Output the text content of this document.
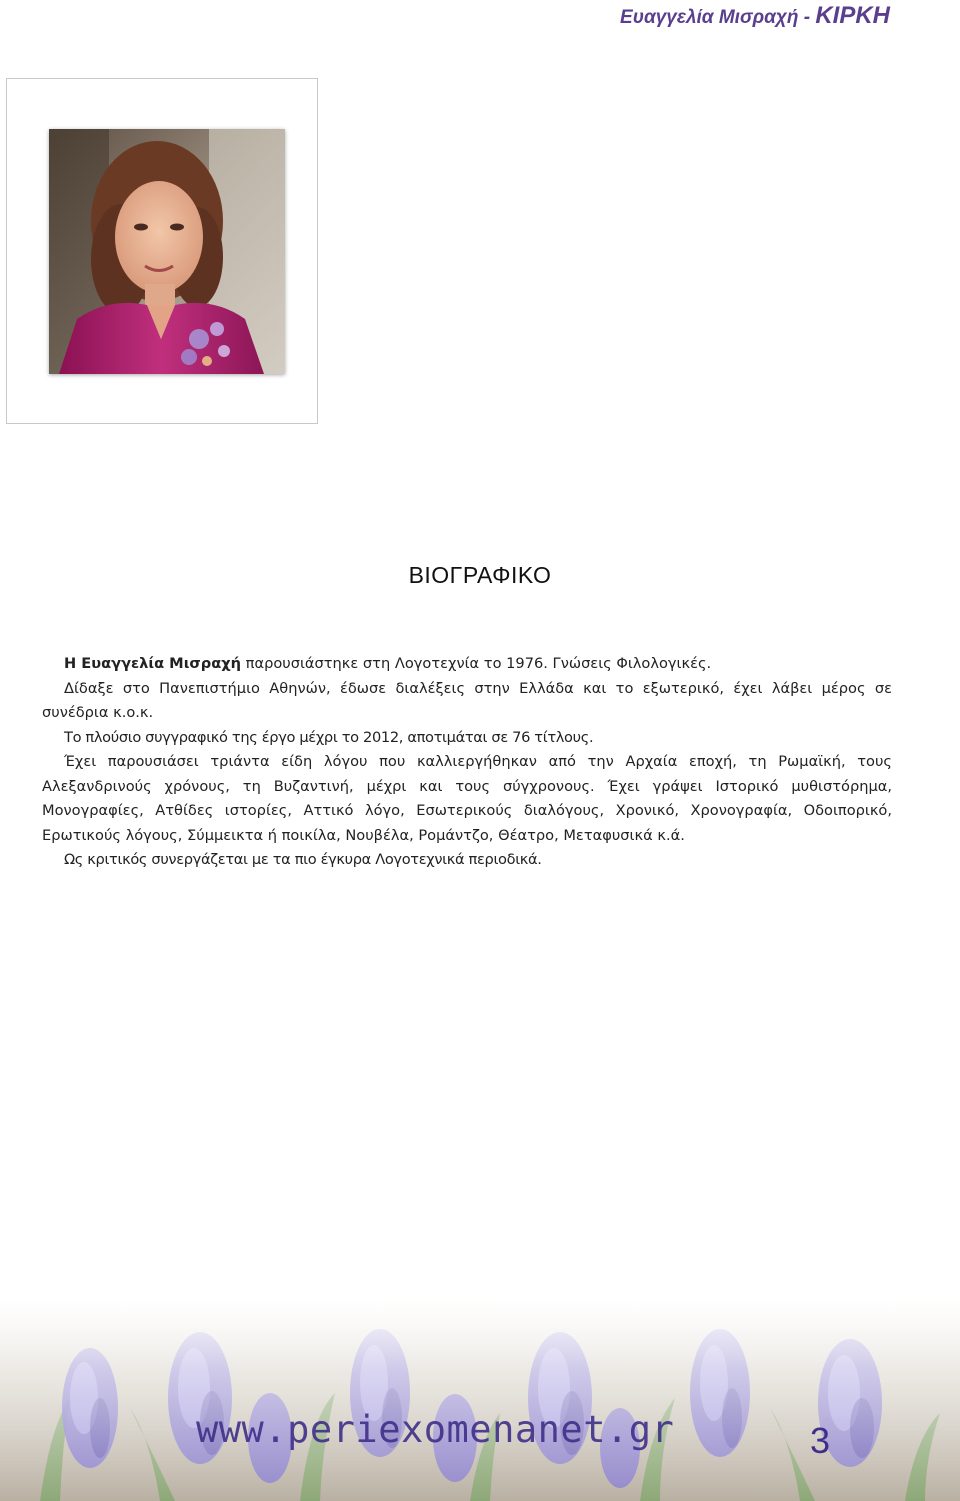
Ευαγγελία Μισραχή - ΚΙΡΚΗ
ΒΙΟΓΡΑΦΙΚΟ

Η Ευαγγελία Μισραχή παρουσιάστηκε στη Λογοτεχνία το 1976. Γνώσεις Φιλολογικές.

Δίδαξε στο Πανεπιστήμιο Αθηνών, έδωσε διαλέξεις στην Ελλάδα και το εξωτερικό, έχει λάβει μέρος σε συνέδρια κ.ο.κ.

Το πλούσιο συγγραφικό της έργο μέχρι το 2012, αποτιμάται σε 76 τίτλους.

Έχει παρουσιάσει τριάντα είδη λόγου που καλλιεργήθηκαν από την Αρχαία εποχή, τη Ρωμαϊκή, τους Αλεξανδρινούς χρόνους, τη Βυζαντινή, μέχρι και τους σύγχρονους. Έχει γράψει Ιστορικό μυθιστόρημα, Μονογραφίες, Ατθίδες ιστορίες, Αττικό λόγο, Εσωτερικούς διαλόγους, Χρονικό, Χρονογραφία, Οδοιπορικό, Ερωτικούς λόγους, Σύμμεικτα ή ποικίλα, Νουβέλα, Ρομάντζο, Θέατρο, Μεταφυσικά κ.ά.

Ως κριτικός συνεργάζεται με τα πιο έγκυρα Λογοτεχνικά περιοδικά.

www.periexomenanet.gr	3
